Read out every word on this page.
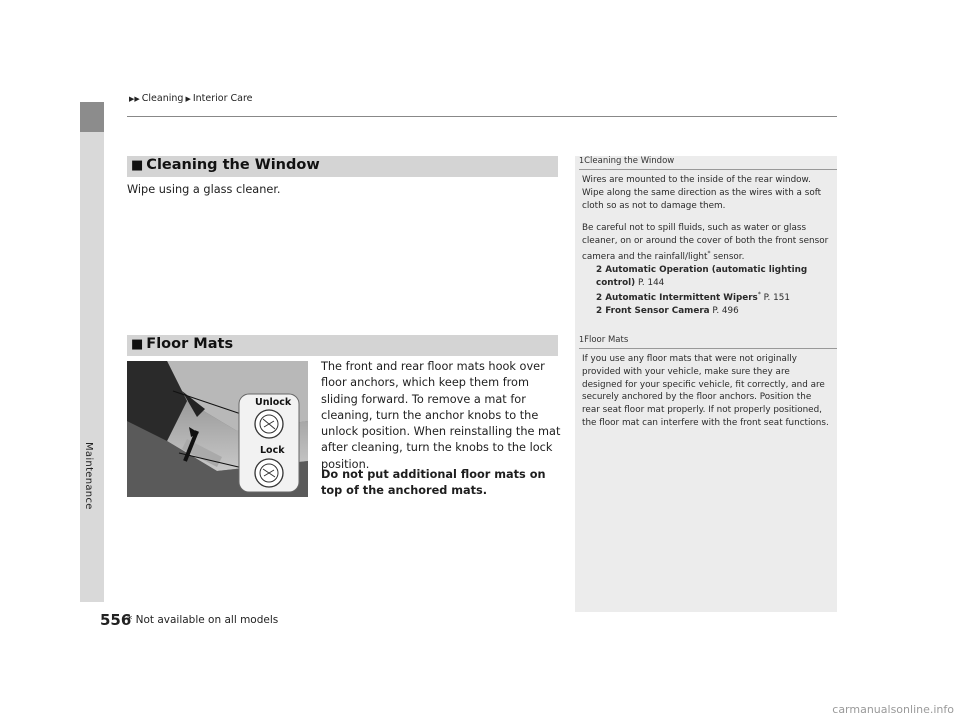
Maintenance
▶▶ Cleaning ▶ Interior Care
■ Cleaning the Window
Wipe using a glass cleaner.
1Cleaning the Window
Wires are mounted to the inside of the rear window. Wipe along the same direction as the wires with a soft cloth so as not to damage them.
Be careful not to spill fluids, such as water or glass cleaner, on or around the cover of both the front sensor camera and the rainfall/light* sensor.
2 Automatic Operation (automatic lighting control) P. 144
2 Automatic Intermittent Wipers* P. 151
2 Front Sensor Camera P. 496
■ Floor Mats
Unlock
Lock
The front and rear floor mats hook over floor anchors, which keep them from sliding forward. To remove a mat for cleaning, turn the anchor knobs to the unlock position. When reinstalling the mat after cleaning, turn the knobs to the lock position.
Do not put additional floor mats on top of the anchored mats.
1Floor Mats
If you use any floor mats that were not originally provided with your vehicle, make sure they are designed for your specific vehicle, fit correctly, and are securely anchored by the floor anchors. Position the rear seat floor mat properly. If not properly positioned, the floor mat can interfere with the front seat functions.
556
* Not available on all models
carmanualsonline.info
